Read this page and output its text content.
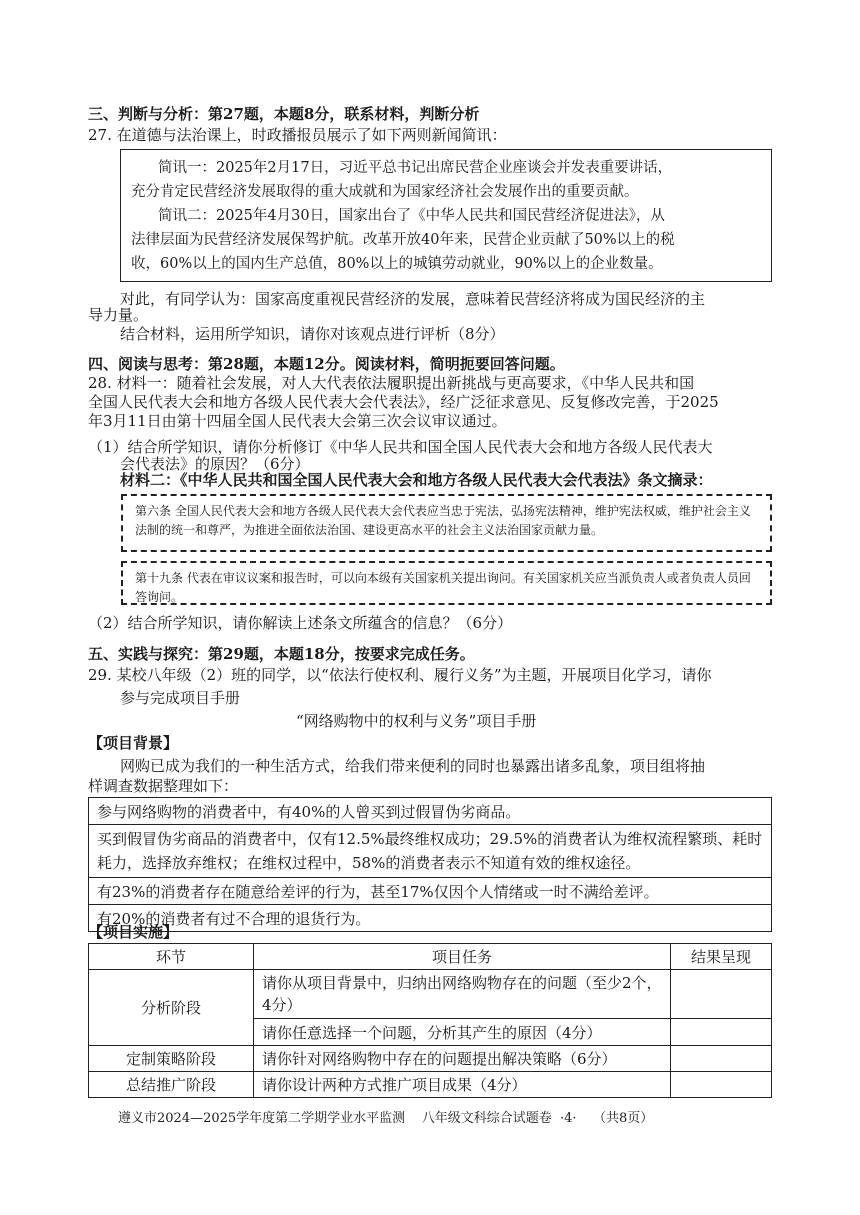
三、判断与分析：第27题，本题8分，联系材料，判断分析
27. 在道德与法治课上，时政播报员展示了如下两则新闻简讯：
简讯一：2025年2月17日，习近平总书记出席民营企业座谈会并发表重要讲话，
充分肯定民营经济发展取得的重大成就和为国家经济社会发展作出的重要贡献。
简讯二：2025年4月30日，国家出台了《中华人民共和国民营经济促进法》，从
法律层面为民营经济发展保驾护航。改革开放40年来，民营企业贡献了50%以上的税
收，60%以上的国内生产总值，80%以上的城镇劳动就业，90%以上的企业数量。
对此，有同学认为：国家高度重视民营经济的发展，意味着民营经济将成为国民经济的主
导力量。
结合材料，运用所学知识，请你对该观点进行评析（8分）
四、阅读与思考：第28题，本题12分。阅读材料，简明扼要回答问题。
28. 材料一：随着社会发展，对人大代表依法履职提出新挑战与更高要求，《中华人民共和国
全国人民代表大会和地方各级人民代表大会代表法》，经广泛征求意见、反复修改完善，于2025
年3月11日由第十四届全国人民代表大会第三次会议审议通过。
（1）结合所学知识，请你分析修订《中华人民共和国全国人民代表大会和地方各级人民代表大
会代表法》的原因？（6分）
材料二：《中华人民共和国全国人民代表大会和地方各级人民代表大会代表法》条文摘录：
第六条 全国人民代表大会和地方各级人民代表大会代表应当忠于宪法，弘扬宪法精神，维护宪法权威，维护社会主义法制的统一和尊严，为推进全面依法治国、建设更高水平的社会主义法治国家贡献力量。
第十九条 代表在审议议案和报告时，可以向本级有关国家机关提出询问。有关国家机关应当派负责人或者负责人员回答询问。
（2）结合所学知识，请你解读上述条文所蕴含的信息？（6分）
五、实践与探究：第29题，本题18分，按要求完成任务。
29. 某校八年级（2）班的同学，以“依法行使权利、履行义务”为主题，开展项目化学习，请你
参与完成项目手册
“网络购物中的权利与义务”项目手册
【项目背景】
网购已成为我们的一种生活方式，给我们带来便利的同时也暴露出诸多乱象，项目组将抽
样调查数据整理如下：
参与网络购物的消费者中，有40%的人曾买到过假冒伪劣商品。
买到假冒伪劣商品的消费者中，仅有12.5%最终维权成功；29.5%的消费者认为维权流程繁琐、耗时耗力，选择放弃维权；在维权过程中，58%的消费者表示不知道有效的维权途径。
有23%的消费者存在随意给差评的行为，甚至17%仅因个人情绪或一时不满给差评。
有20%的消费者有过不合理的退货行为。
【项目实施】
环节	项目任务	结果呈现
分析阶段	请你从项目背景中，归纳出网络购物存在的问题（至少2个，4分）	
	请你任意选择一个问题，分析其产生的原因（4分）	
定制策略阶段	请你针对网络购物中存在的问题提出解决策略（6分）	
总结推广阶段	请你设计两种方式推广项目成果（4分）	
遵义市2024—2025学年度第二学期学业水平监测    八年级文科综合试题卷  ·4·    （共8页）
